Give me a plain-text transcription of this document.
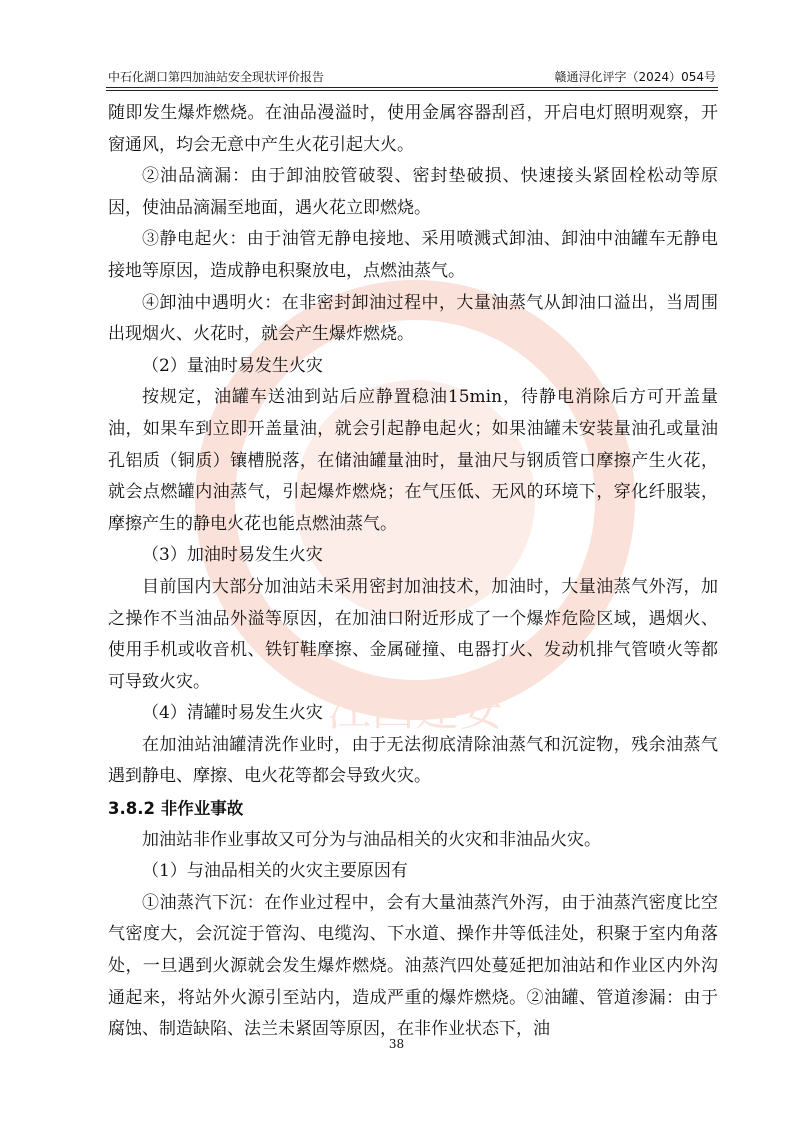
中石化湖口第四加油站安全现状评价报告	赣通浔化评字（2024）054号
江西建安

随即发生爆炸燃烧。在油品漫溢时，使用金属容器刮舀，开启电灯照明观察，开窗通风，均会无意中产生火花引起大火。

②油品滴漏：由于卸油胶管破裂、密封垫破损、快速接头紧固栓松动等原因，使油品滴漏至地面，遇火花立即燃烧。

③静电起火：由于油管无静电接地、采用喷溅式卸油、卸油中油罐车无静电接地等原因，造成静电积聚放电，点燃油蒸气。

④卸油中遇明火：在非密封卸油过程中，大量油蒸气从卸油口溢出，当周围出现烟火、火花时，就会产生爆炸燃烧。

（2）量油时易发生火灾

按规定，油罐车送油到站后应静置稳油15min，待静电消除后方可开盖量油，如果车到立即开盖量油，就会引起静电起火；如果油罐未安装量油孔或量油孔铝质（铜质）镶槽脱落，在储油罐量油时，量油尺与钢质管口摩擦产生火花，就会点燃罐内油蒸气，引起爆炸燃烧；在气压低、无风的环境下，穿化纤服装，摩擦产生的静电火花也能点燃油蒸气。

（3）加油时易发生火灾

目前国内大部分加油站未采用密封加油技术，加油时，大量油蒸气外泻，加之操作不当油品外溢等原因，在加油口附近形成了一个爆炸危险区域，遇烟火、使用手机或收音机、铁钉鞋摩擦、金属碰撞、电器打火、发动机排气管喷火等都可导致火灾。

（4）清罐时易发生火灾

在加油站油罐清洗作业时，由于无法彻底清除油蒸气和沉淀物，残余油蒸气遇到静电、摩擦、电火花等都会导致火灾。

3.8.2 非作业事故

加油站非作业事故又可分为与油品相关的火灾和非油品火灾。

（1）与油品相关的火灾主要原因有

①油蒸汽下沉：在作业过程中，会有大量油蒸汽外泻，由于油蒸汽密度比空气密度大，会沉淀于管沟、电缆沟、下水道、操作井等低洼处，积聚于室内角落处，一旦遇到火源就会发生爆炸燃烧。油蒸汽四处蔓延把加油站和作业区内外沟通起来，将站外火源引至站内，造成严重的爆炸燃烧。②油罐、管道渗漏：由于腐蚀、制造缺陷、法兰未紧固等原因，在非作业状态下，油

38
